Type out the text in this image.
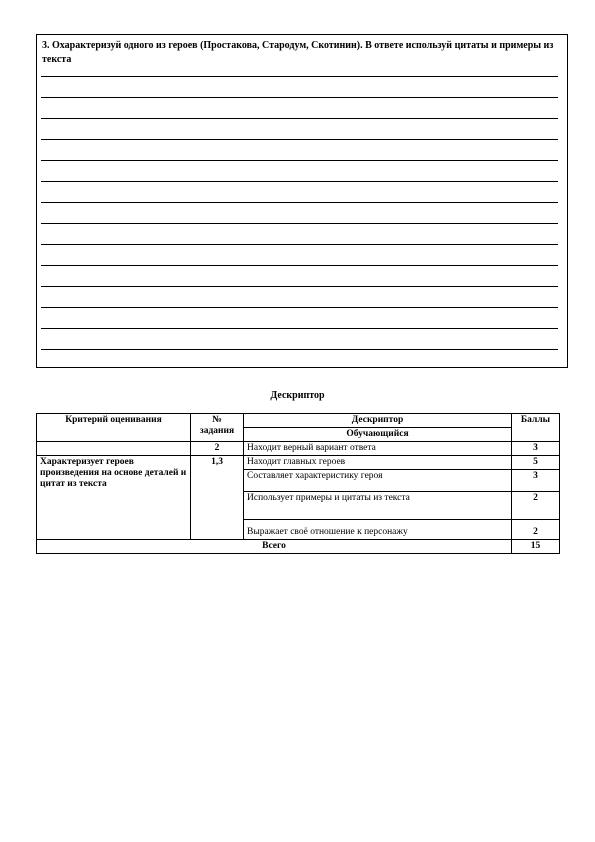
3. Охарактеризуй одного из героев (Простакова, Стародум, Скотинин). В ответе используй цитаты и примеры из текста
Дескриптор
Критерий оценивания	№ задания	Дескриптор	Баллы
		Обучающийся	
	2	Находит верный вариант ответа	3
Характеризует героев произведения на основе деталей и цитат из текста	1,3	Находит главных героев	5
		Составляет характеристику героя	3
		Использует примеры и цитаты из текста	2
		Выражает своё отношение к персонажу	2
Всего			15
